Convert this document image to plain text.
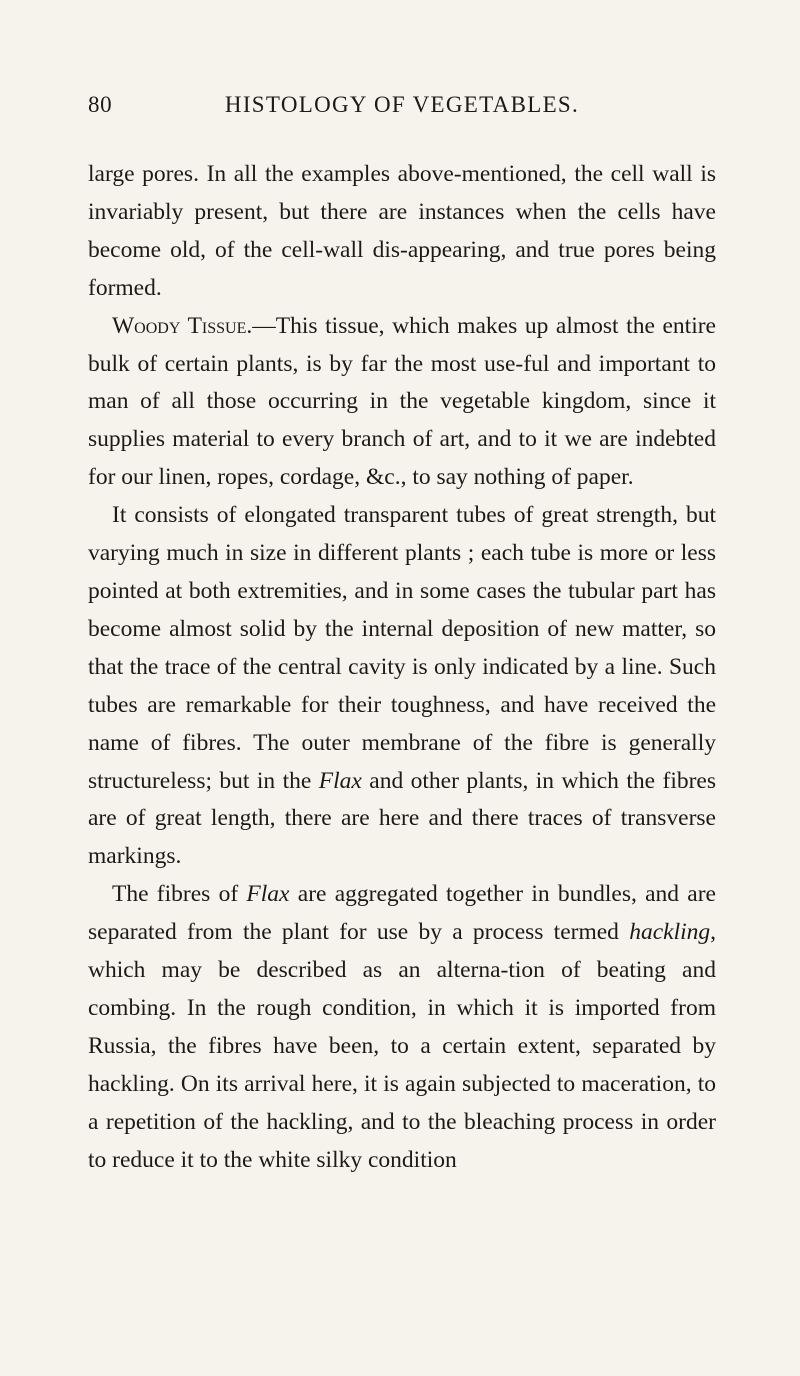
80	HISTOLOGY OF VEGETABLES.

large pores. In all the examples above-mentioned, the cell wall is invariably present, but there are instances when the cells have become old, of the cell-wall dis-appearing, and true pores being formed.

Woody Tissue.—This tissue, which makes up almost the entire bulk of certain plants, is by far the most use-ful and important to man of all those occurring in the vegetable kingdom, since it supplies material to every branch of art, and to it we are indebted for our linen, ropes, cordage, &c., to say nothing of paper.

It consists of elongated transparent tubes of great strength, but varying much in size in different plants ; each tube is more or less pointed at both extremities, and in some cases the tubular part has become almost solid by the internal deposition of new matter, so that the trace of the central cavity is only indicated by a line. Such tubes are remarkable for their toughness, and have received the name of fibres. The outer membrane of the fibre is generally structureless; but in the Flax and other plants, in which the fibres are of great length, there are here and there traces of transverse markings.

The fibres of Flax are aggregated together in bundles, and are separated from the plant for use by a process termed hackling, which may be described as an alterna-tion of beating and combing. In the rough condition, in which it is imported from Russia, the fibres have been, to a certain extent, separated by hackling. On its arrival here, it is again subjected to maceration, to a repetition of the hackling, and to the bleaching process in order to reduce it to the white silky condition
